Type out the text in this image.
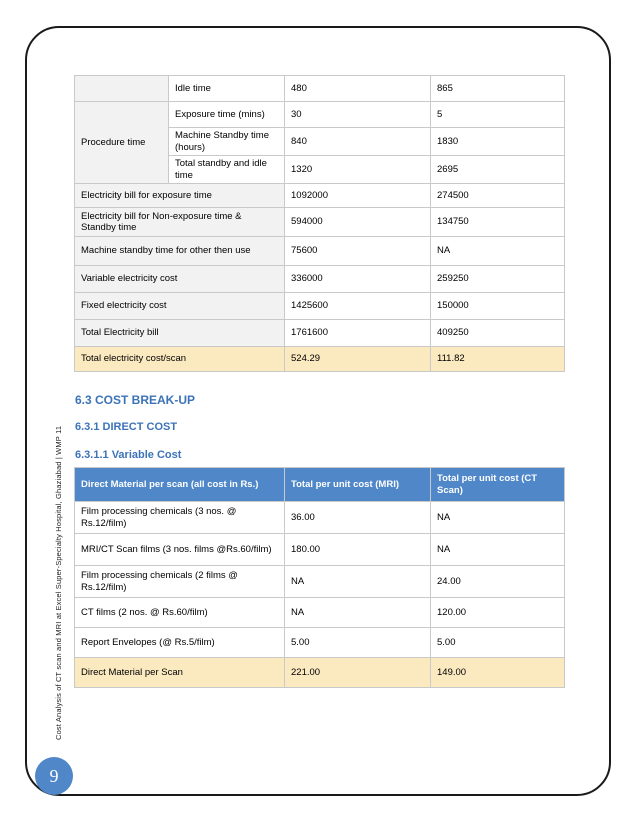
Cost Analysis of CT scan and MRI at Excel Super-Specialty Hospital, Ghaziabad | WMP 11
9
	Idle time	480	865
Procedure time	Exposure time (mins)	30	5
	Machine Standby time (hours)	840	1830
	Total standby and idle time	1320	2695
Electricity bill for exposure time		1092000	274500
Electricity bill for Non-exposure time & Standby time		594000	134750
Machine standby time for other then use		75600	NA
Variable electricity cost		336000	259250
Fixed electricity cost		1425600	150000
Total Electricity bill		1761600	409250
Total electricity cost/scan		524.29	111.82
6.3 COST BREAK-UP
6.3.1 DIRECT COST
6.3.1.1 Variable Cost
Direct Material per scan (all cost in Rs.)	Total per unit cost (MRI)	Total per unit cost (CT Scan)
Film processing chemicals (3 nos. @ Rs.12/film)	36.00	NA
MRI/CT Scan films (3 nos. films @Rs.60/film)	180.00	NA
Film processing chemicals (2 films @ Rs.12/film)	NA	24.00
CT films (2 nos. @ Rs.60/film)	NA	120.00
Report Envelopes (@ Rs.5/film)	5.00	5.00
Direct Material per Scan	221.00	149.00
